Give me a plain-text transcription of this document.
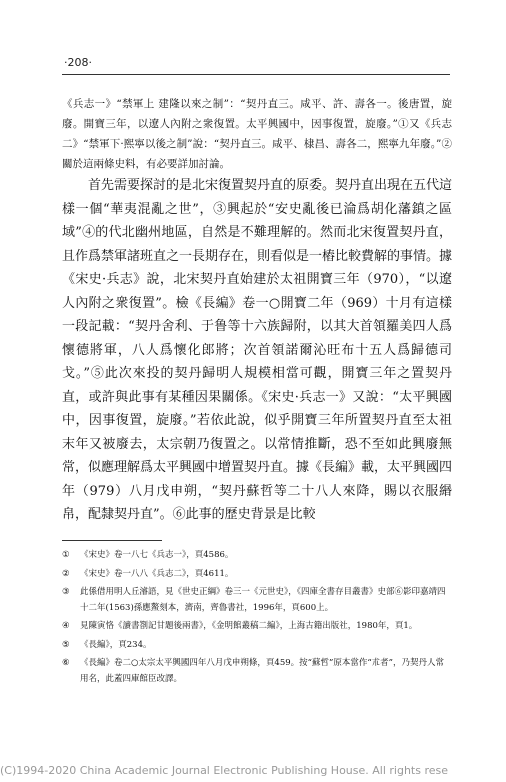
·208·

《兵志一》“禁軍上 建隆以來之制”：“契丹直三。咸平、許、壽各一。後唐置，旋廢。開寶三年，以遼人內附之衆復置。太平興國中，因事復置，旋廢。”①又《兵志二》“禁軍下·熙寧以後之制”說：“契丹直三。咸平、棣昌、壽各二，熙寧九年廢。”②關於這兩條史料，有必要詳加討論。

首先需要探討的是北宋復置契丹直的原委。契丹直出現在五代這樣一個“華夷混亂之世”，③興起於“安史亂後已淪爲胡化藩鎮之區域”④的代北幽州地區，自然是不難理解的。然而北宋復置契丹直，且作爲禁軍諸班直之一長期存在，則看似是一樁比較費解的事情。據《宋史·兵志》說，北宋契丹直始建於太祖開寶三年（970），“以遼人內附之衆復置”。檢《長編》卷一○開寶二年（969）十月有這樣一段記載：“契丹舍利、于鲁等十六族歸附，以其大首領羅美四人爲懷德將軍，八人爲懷化郎將；次首領諾爾沁旺布十五人爲歸德司戈。”⑤此次來投的契丹歸明人規模相當可觀，開寶三年之置契丹直，或許與此事有某種因果關係。《宋史·兵志一》又說：“太平興國中，因事復置，旋廢。”若依此說，似乎開寶三年所置契丹直至太祖末年又被廢去，太宗朝乃復置之。以常情推斷，恐不至如此興廢無常，似應理解爲太平興國中增置契丹直。據《長編》載，太平興國四年（979）八月戊申朔，“契丹蘇哲等二十八人來降，賜以衣服緡帛，配隸契丹直”。⑥此事的歷史背景是比較

① 《宋史》卷一八七《兵志一》，頁4586。

② 《宋史》卷一八八《兵志二》，頁4611。

③ 此係借用明人丘濬語，見《世史正綱》卷三一《元世史》，《四庫全書存目叢書》史部⑥影印嘉靖四十二年(1563)孫應鰲刻本，濟南，齊魯書社，1996年，頁600上。

④ 見陳寅恪《讀書劄記甘題後兩書》，《金明館叢稿二編》，上海古籍出版社，1980年，頁1。

⑤ 《長編》，頁234。

⑥ 《長編》卷二○太宗太平興國四年八月戊申朔條，頁459。按“蘇哲”原本當作“朮者”，乃契丹人常用名，此蓋四庫館臣改譯。

(C)1994-2020 China Academic Journal Electronic Publishing House. All rights rese
